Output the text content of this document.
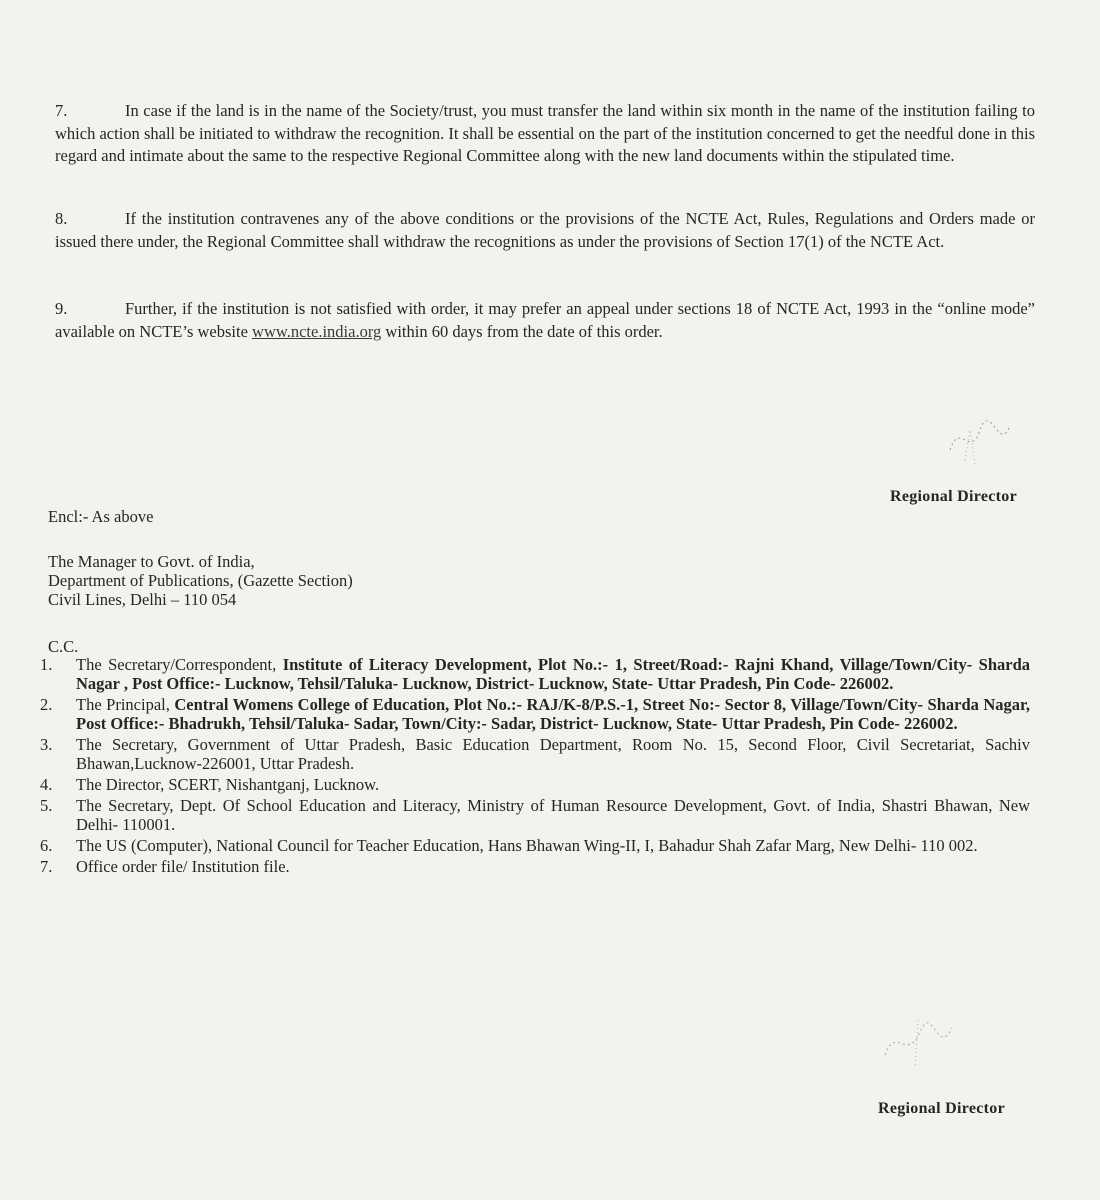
7.	In case if the land is in the name of the Society/trust, you must transfer the land within six month in the name of the institution failing to which action shall be initiated to withdraw the recognition. It shall be essential on the part of the institution concerned to get the needful done in this regard and intimate about the same to the respective Regional Committee along with the new land documents within the stipulated time.
8.	If the institution contravenes any of the above conditions or the provisions of the NCTE Act, Rules, Regulations and Orders made or issued there under, the Regional Committee shall withdraw the recognitions as under the provisions of Section 17(1) of the NCTE Act.
9.	Further, if the institution is not satisfied with order, it may prefer an appeal under sections 18 of NCTE Act, 1993 in the “online mode” available on NCTE’s website www.ncte.india.org within 60 days from the date of this order.
Regional Director
Encl:- As above
The Manager to Govt. of India,
Department of Publications, (Gazette Section)
Civil Lines, Delhi – 110 054
C.C.
1.	The Secretary/Correspondent, Institute of Literacy Development, Plot No.:- 1, Street/Road:- Rajni Khand, Village/Town/City- Sharda Nagar , Post Office:- Lucknow, Tehsil/Taluka- Lucknow, District- Lucknow, State- Uttar Pradesh, Pin Code- 226002.
2.	The Principal, Central Womens College of Education, Plot No.:- RAJ/K-8/P.S.-1, Street No:- Sector 8, Village/Town/City- Sharda Nagar, Post Office:- Bhadrukh, Tehsil/Taluka- Sadar, Town/City:- Sadar, District- Lucknow, State- Uttar Pradesh, Pin Code- 226002.
3.	The Secretary, Government of Uttar Pradesh, Basic Education Department, Room No. 15, Second Floor, Civil Secretariat, Sachiv Bhawan,Lucknow-226001, Uttar Pradesh.
4.	The Director, SCERT, Nishantganj, Lucknow.
5.	The Secretary, Dept. Of School Education and Literacy, Ministry of Human Resource Development, Govt. of India, Shastri Bhawan, New Delhi- 110001.
6.	The US (Computer), National Council for Teacher Education, Hans Bhawan Wing-II, I, Bahadur Shah Zafar Marg, New Delhi- 110 002.
7.	Office order file/ Institution file.
Regional Director
